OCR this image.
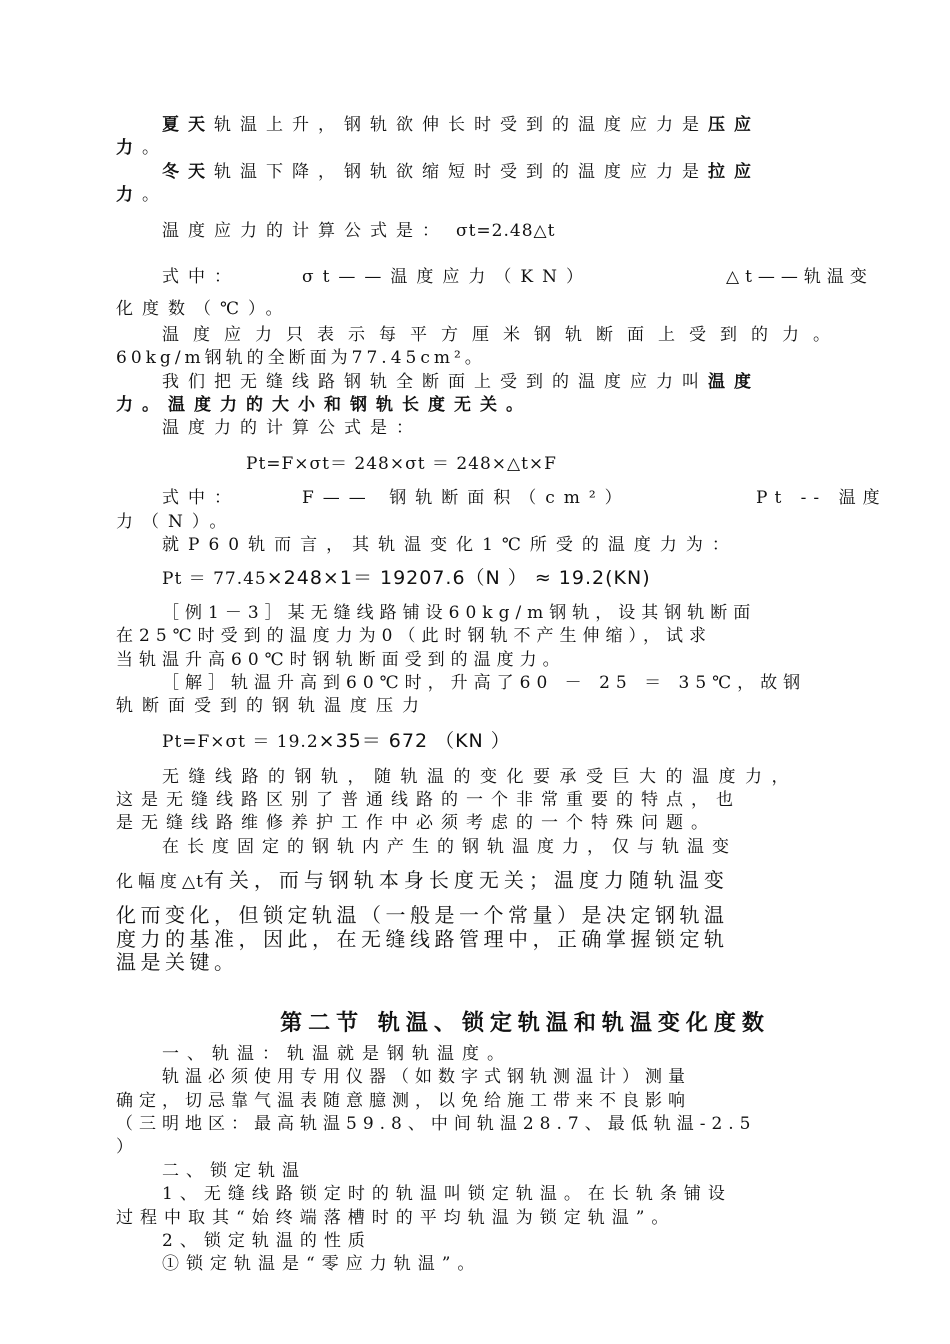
夏天轨温上升，钢轨欲伸长时受到的温度应力是压应
力。
冬天轨温下降，钢轨欲缩短时受到的温度应力是拉应
力。
温度应力的计算公式是： σt=2.48△t
式中：	σt——温度应力（KN）	△t——轨温变
化度数（℃）。
温度应力只表示每平方厘米钢轨断面上受到的力。
60kg/m钢轨的全断面为77.45cm²。
我们把无缝线路钢轨全断面上受到的温度应力叫温度
力。温度力的大小和钢轨长度无关。
温度力的计算公式是：
Pt=F×σt＝ 248×σt ＝ 248×△t×F
式中：	F—— 钢轨断面积（cm²）	Pt -- 温度
力（N）。
就P60轨而言，其轨温变化1℃所受的温度力为：
Pt ＝ 77.45×248×1＝ 19207.6（N ） ≈ 19.2(KN)
［例1－3］某无缝线路铺设60kg/m钢轨，设其钢轨断面
在25℃时受到的温度力为0（此时钢轨不产生伸缩），试求
当轨温升高60℃时钢轨断面受到的温度力。
［解］轨温升高到60℃时，升高了60 － 25 ＝ 35℃，故钢
轨断面受到的钢轨温度压力
Pt=F×σt ＝ 19.2×35＝ 672 （KN ）
无缝线路的钢轨，随轨温的变化要承受巨大的温度力，
这是无缝线路区别了普通线路的一个非常重要的特点，也
是无缝线路维修养护工作中必须考虑的一个特殊问题。
在长度固定的钢轨内产生的钢轨温度力，仅与轨温变
化幅度△t有关，而与钢轨本身长度无关；温度力随轨温变
化而变化，但锁定轨温（一般是一个常量）是决定钢轨温
度力的基准，因此，在无缝线路管理中，正确掌握锁定轨
温是关键。
第二节 轨温、锁定轨温和轨温变化度数
一、轨温：轨温就是钢轨温度。
轨温必须使用专用仪器（如数字式钢轨测温计）测量
确定，切忌靠气温表随意臆测，以免给施工带来不良影响
（三明地区：最高轨温59.8、中间轨温28.7、最低轨温-2.5
）
二、锁定轨温
1、无缝线路锁定时的轨温叫锁定轨温。在长轨条铺设
过程中取其“始终端落槽时的平均轨温为锁定轨温”。
2、锁定轨温的性质
①锁定轨温是“零应力轨温”。
